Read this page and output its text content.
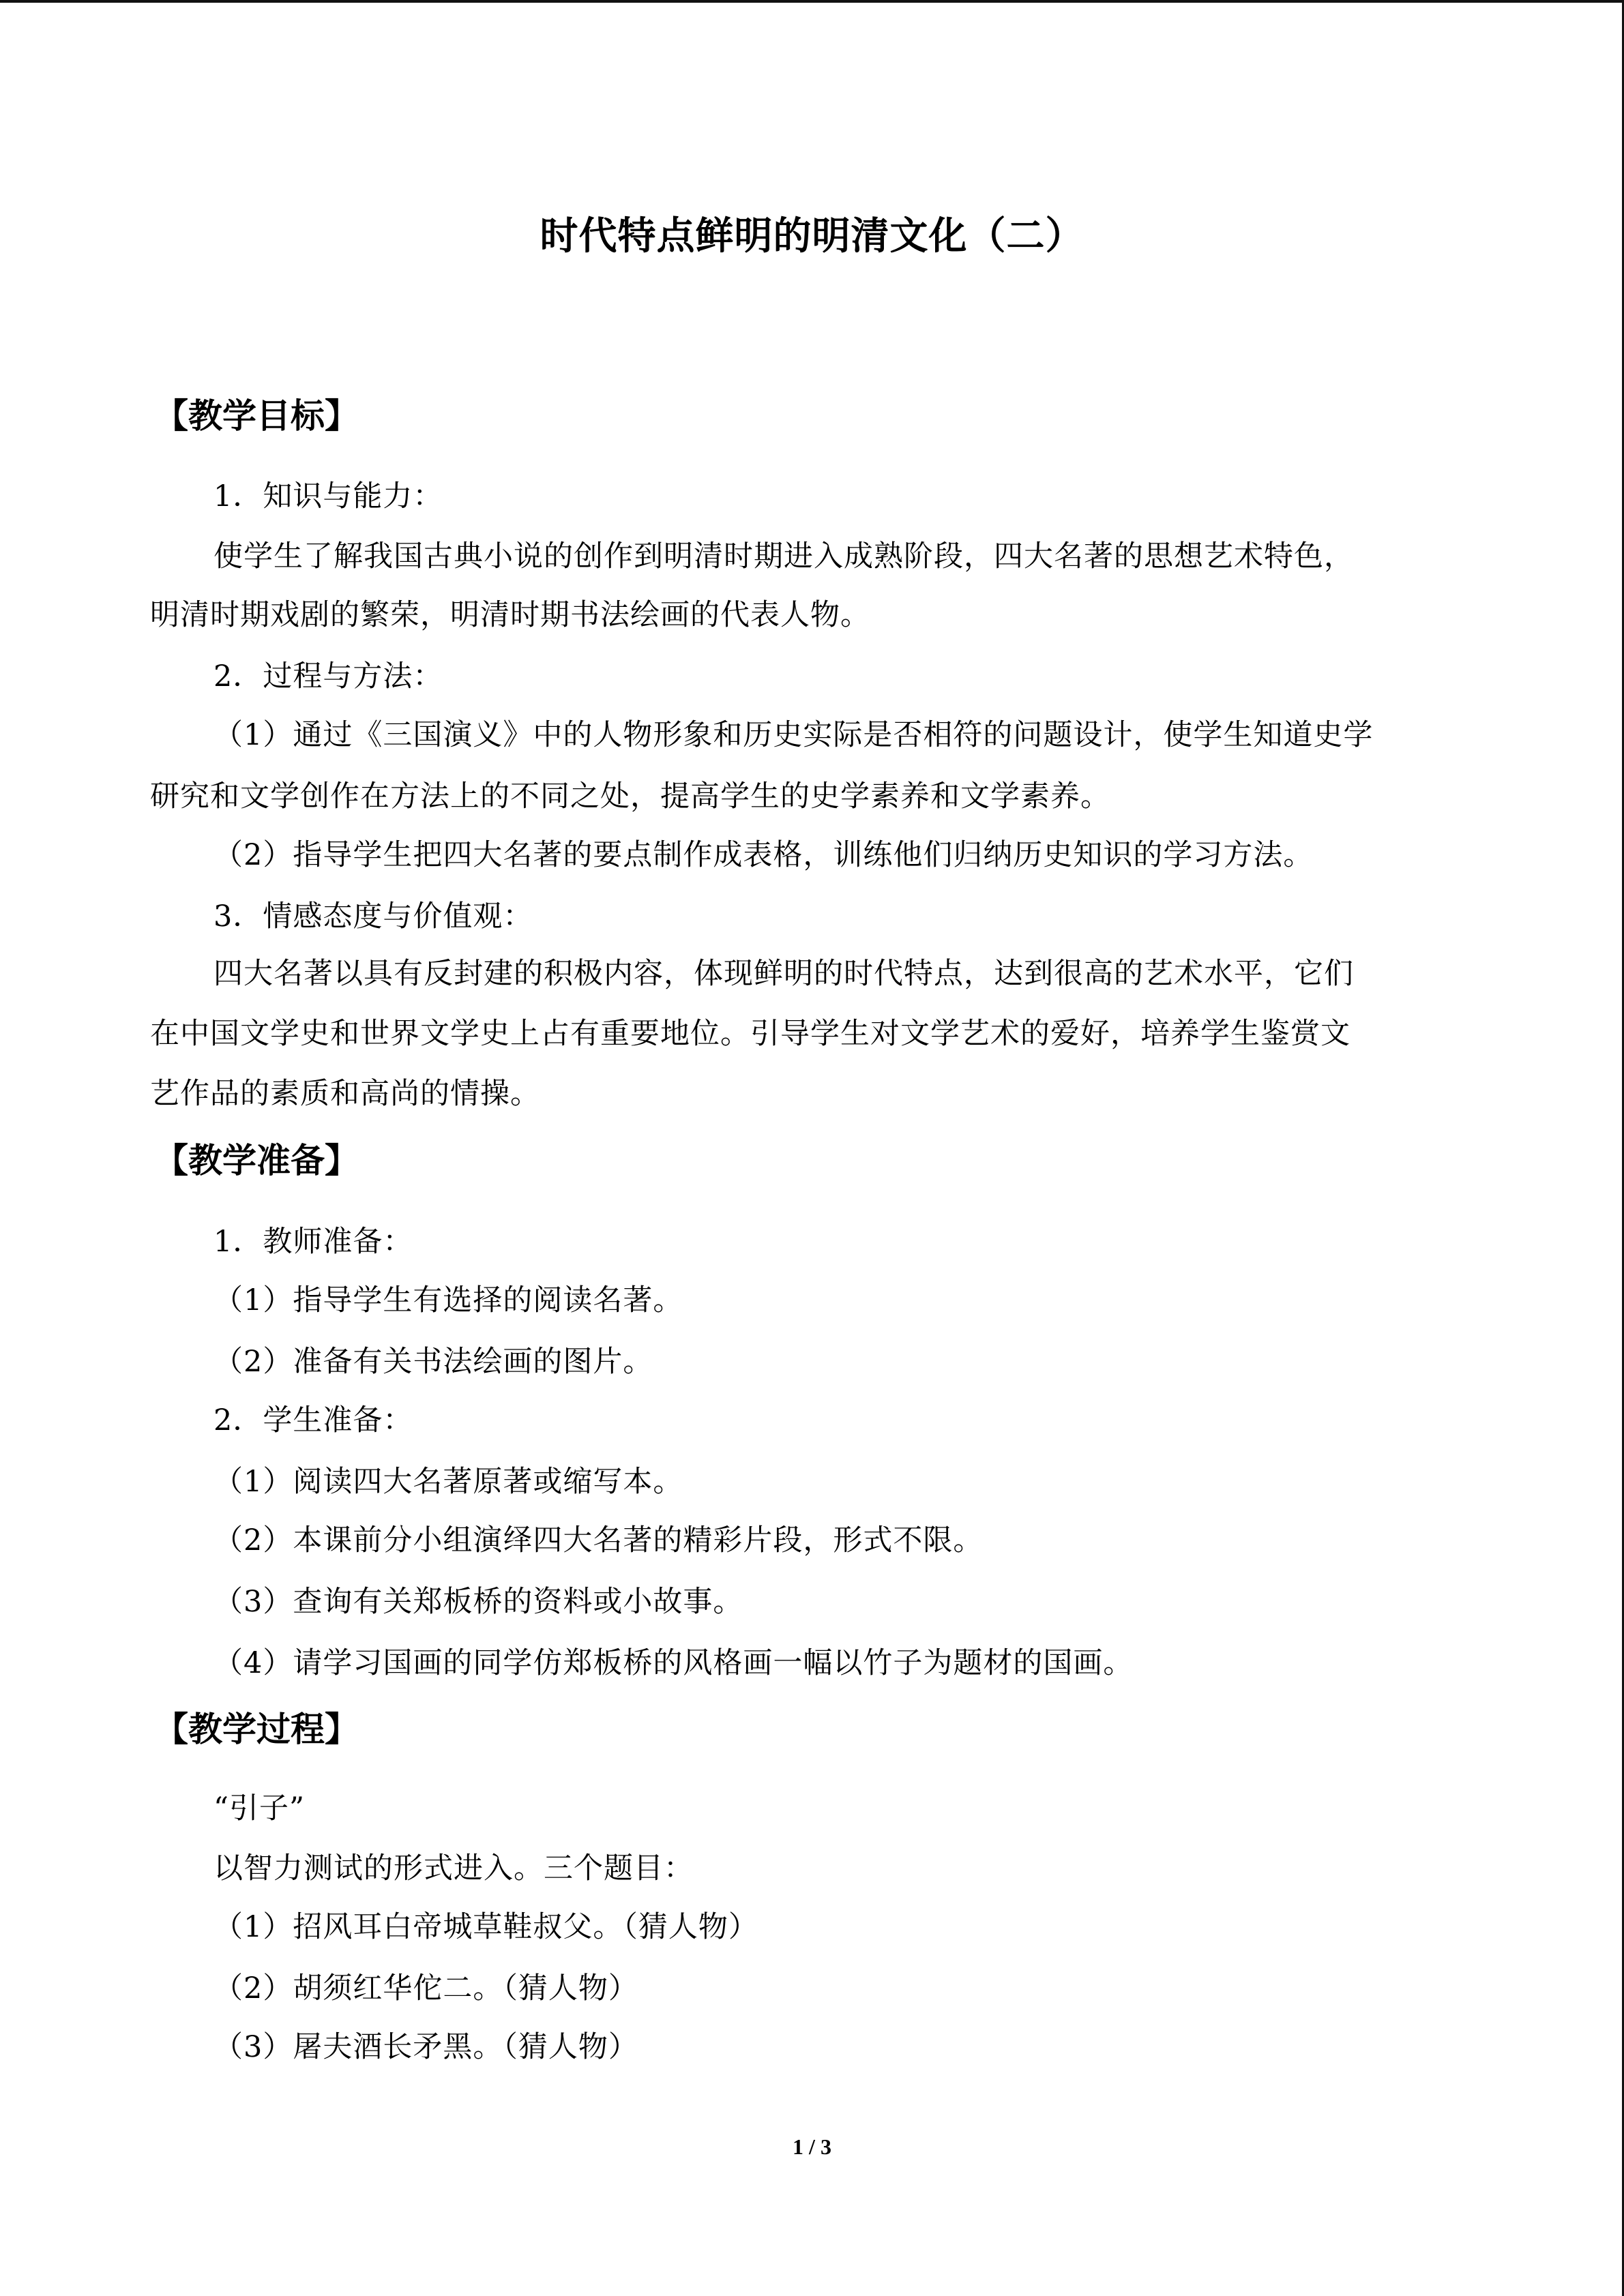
时代特点鲜明的明清文化（二）
【教学目标】
1．知识与能力：
使学生了解我国古典小说的创作到明清时期进入成熟阶段，四大名著的思想艺术特色，
明清时期戏剧的繁荣，明清时期书法绘画的代表人物。
2．过程与方法：
（1）通过《三国演义》中的人物形象和历史实际是否相符的问题设计，使学生知道史学
研究和文学创作在方法上的不同之处，提高学生的史学素养和文学素养。
（2）指导学生把四大名著的要点制作成表格，训练他们归纳历史知识的学习方法。
3．情感态度与价值观：
四大名著以具有反封建的积极内容，体现鲜明的时代特点，达到很高的艺术水平，它们
在中国文学史和世界文学史上占有重要地位。引导学生对文学艺术的爱好，培养学生鉴赏文
艺作品的素质和高尚的情操。
【教学准备】
1．教师准备：
（1）指导学生有选择的阅读名著。
（2）准备有关书法绘画的图片。
2．学生准备：
（1）阅读四大名著原著或缩写本。
（2）本课前分小组演绎四大名著的精彩片段，形式不限。
（3）查询有关郑板桥的资料或小故事。
（4）请学习国画的同学仿郑板桥的风格画一幅以竹子为题材的国画。
【教学过程】
“引子”
以智力测试的形式进入。三个题目：
（1）招风耳白帝城草鞋叔父。（猜人物）
（2）胡须红华佗二。（猜人物）
（3）屠夫酒长矛黑。（猜人物）
1 / 3
